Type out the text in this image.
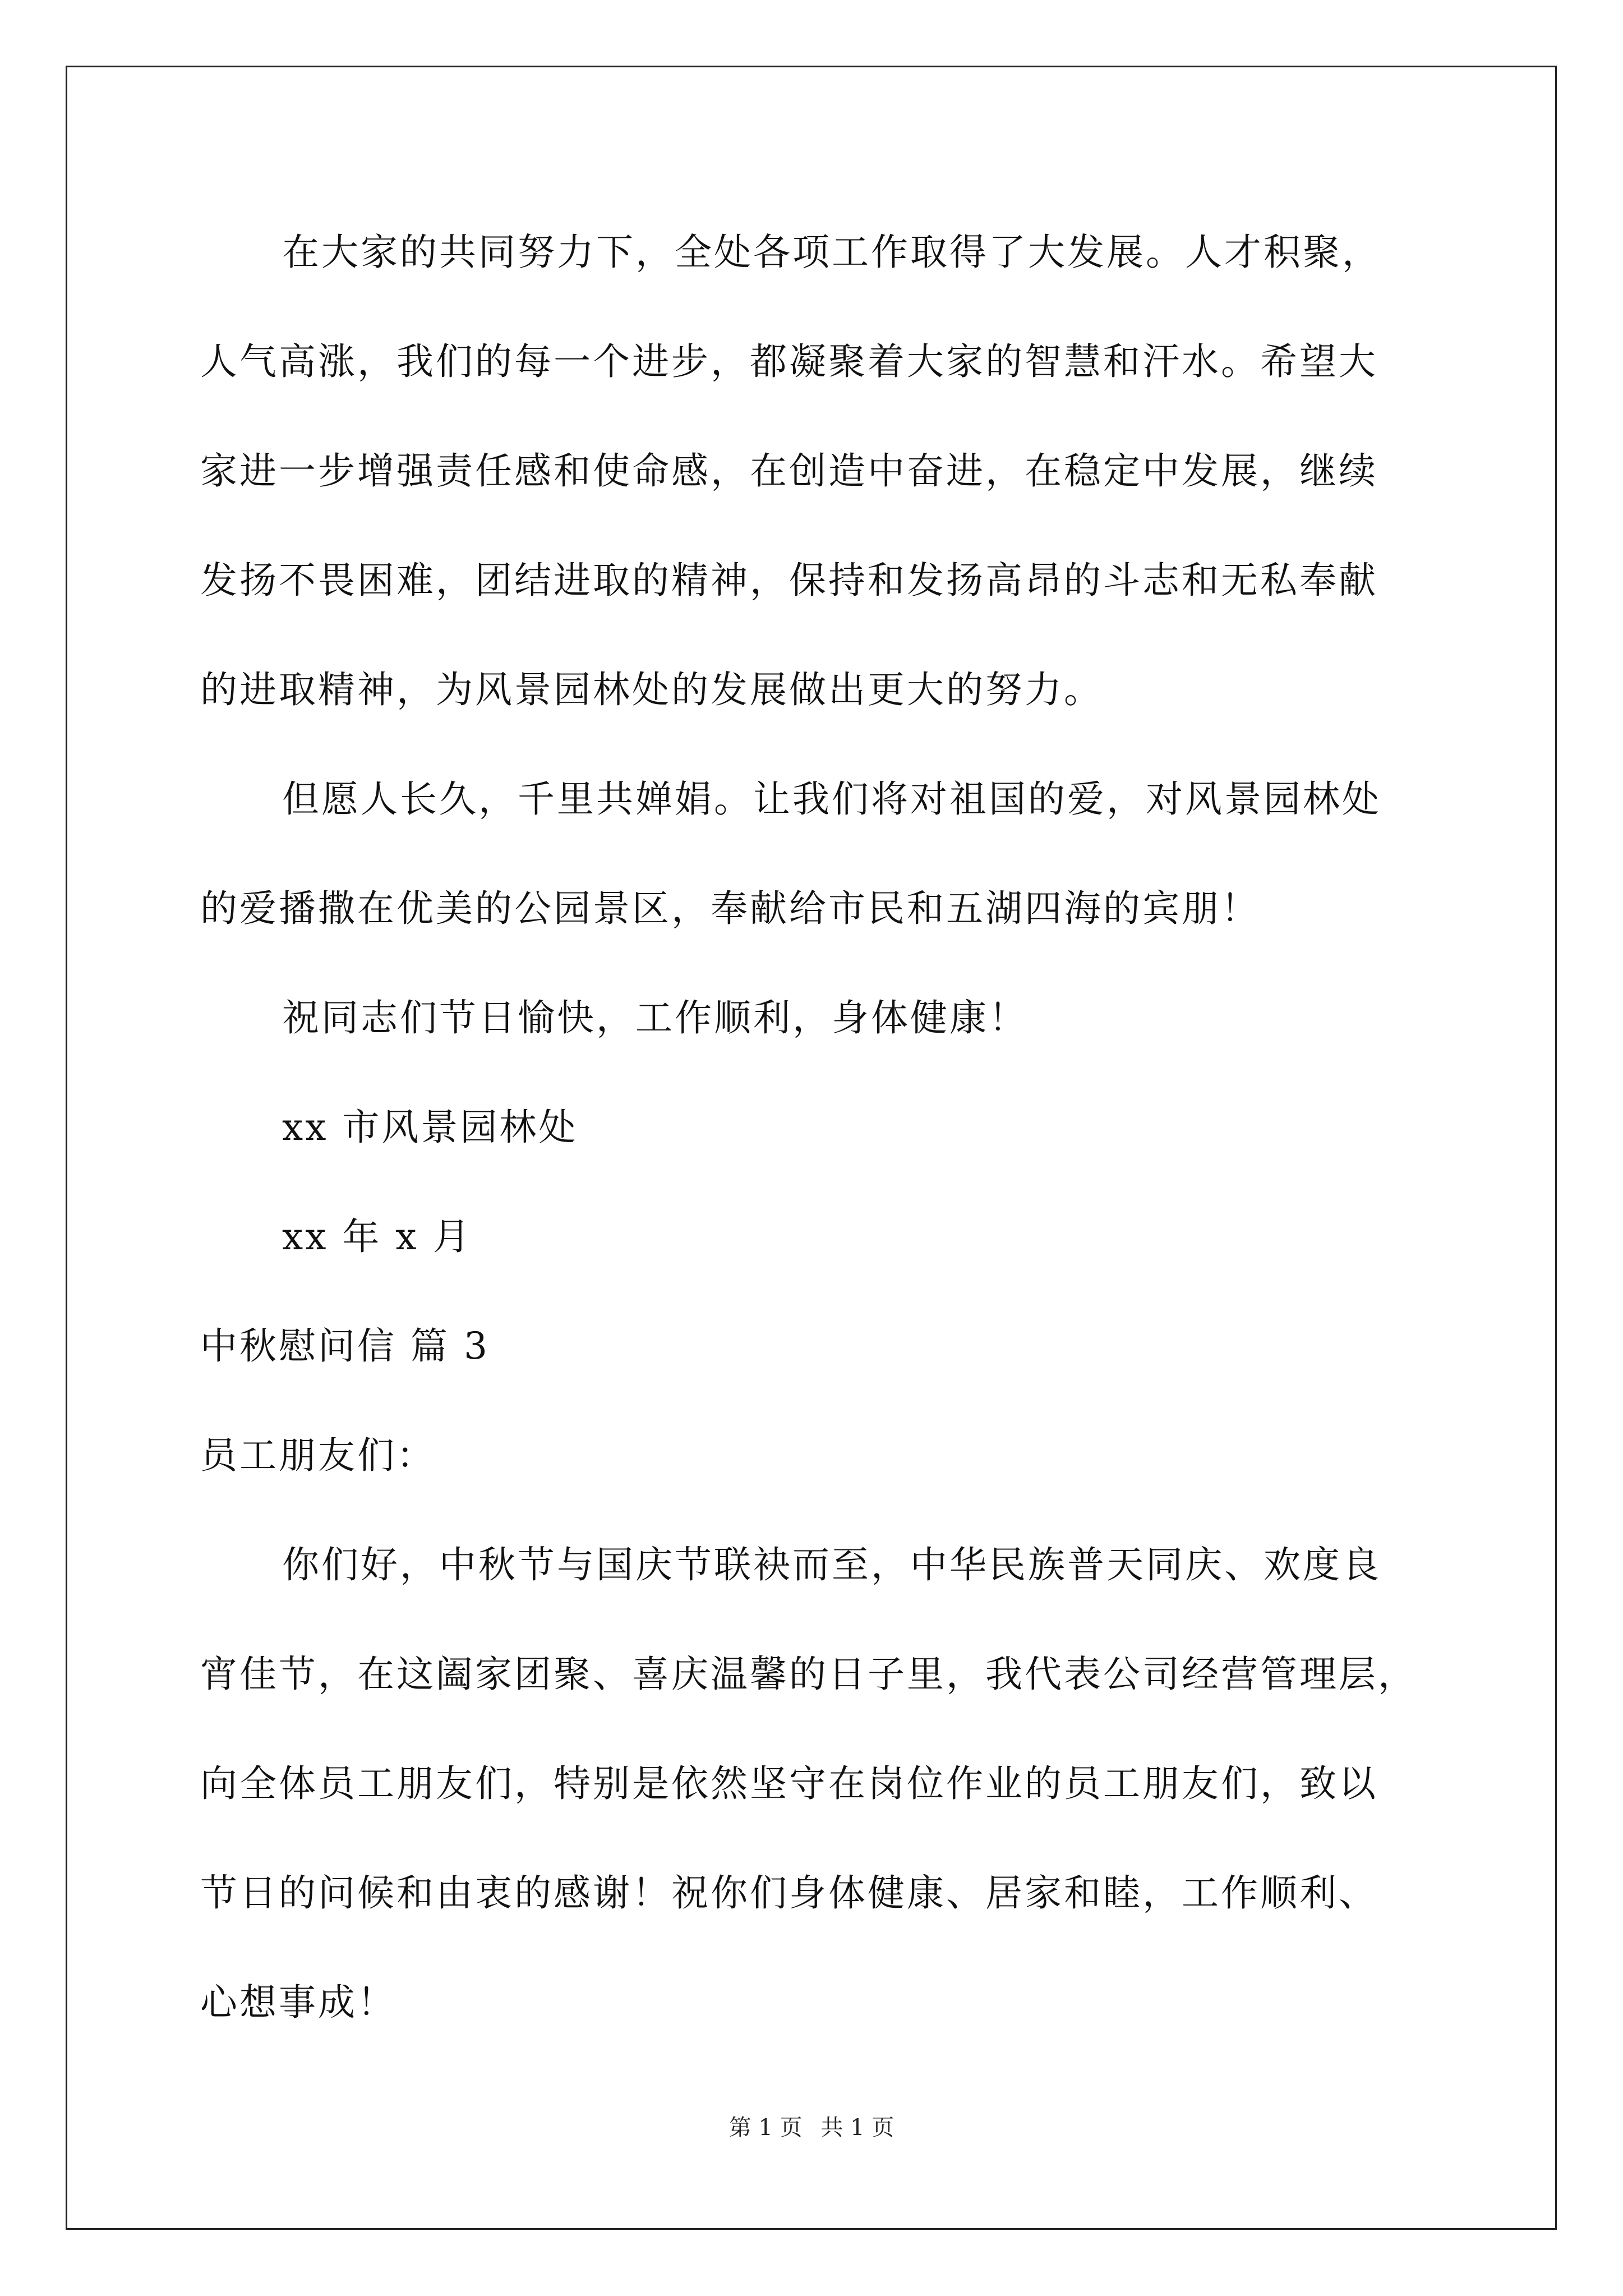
在大家的共同努力下，全处各项工作取得了大发展。人才积聚，
人气高涨，我们的每一个进步，都凝聚着大家的智慧和汗水。希望大
家进一步增强责任感和使命感，在创造中奋进，在稳定中发展，继续
发扬不畏困难，团结进取的精神，保持和发扬高昂的斗志和无私奉献
的进取精神，为风景园林处的发展做出更大的努力。
但愿人长久，千里共婵娟。让我们将对祖国的爱，对风景园林处
的爱播撒在优美的公园景区，奉献给市民和五湖四海的宾朋！
祝同志们节日愉快，工作顺利，身体健康！
xx 市风景园林处
xx 年 x 月
中秋慰问信 篇 3
员工朋友们：
你们好，中秋节与国庆节联袂而至，中华民族普天同庆、欢度良
宵佳节，在这阖家团聚、喜庆温馨的日子里，我代表公司经营管理层，
向全体员工朋友们，特别是依然坚守在岗位作业的员工朋友们，致以
节日的问候和由衷的感谢！祝你们身体健康、居家和睦，工作顺利、
心想事成！
第 1 页 共 1 页
